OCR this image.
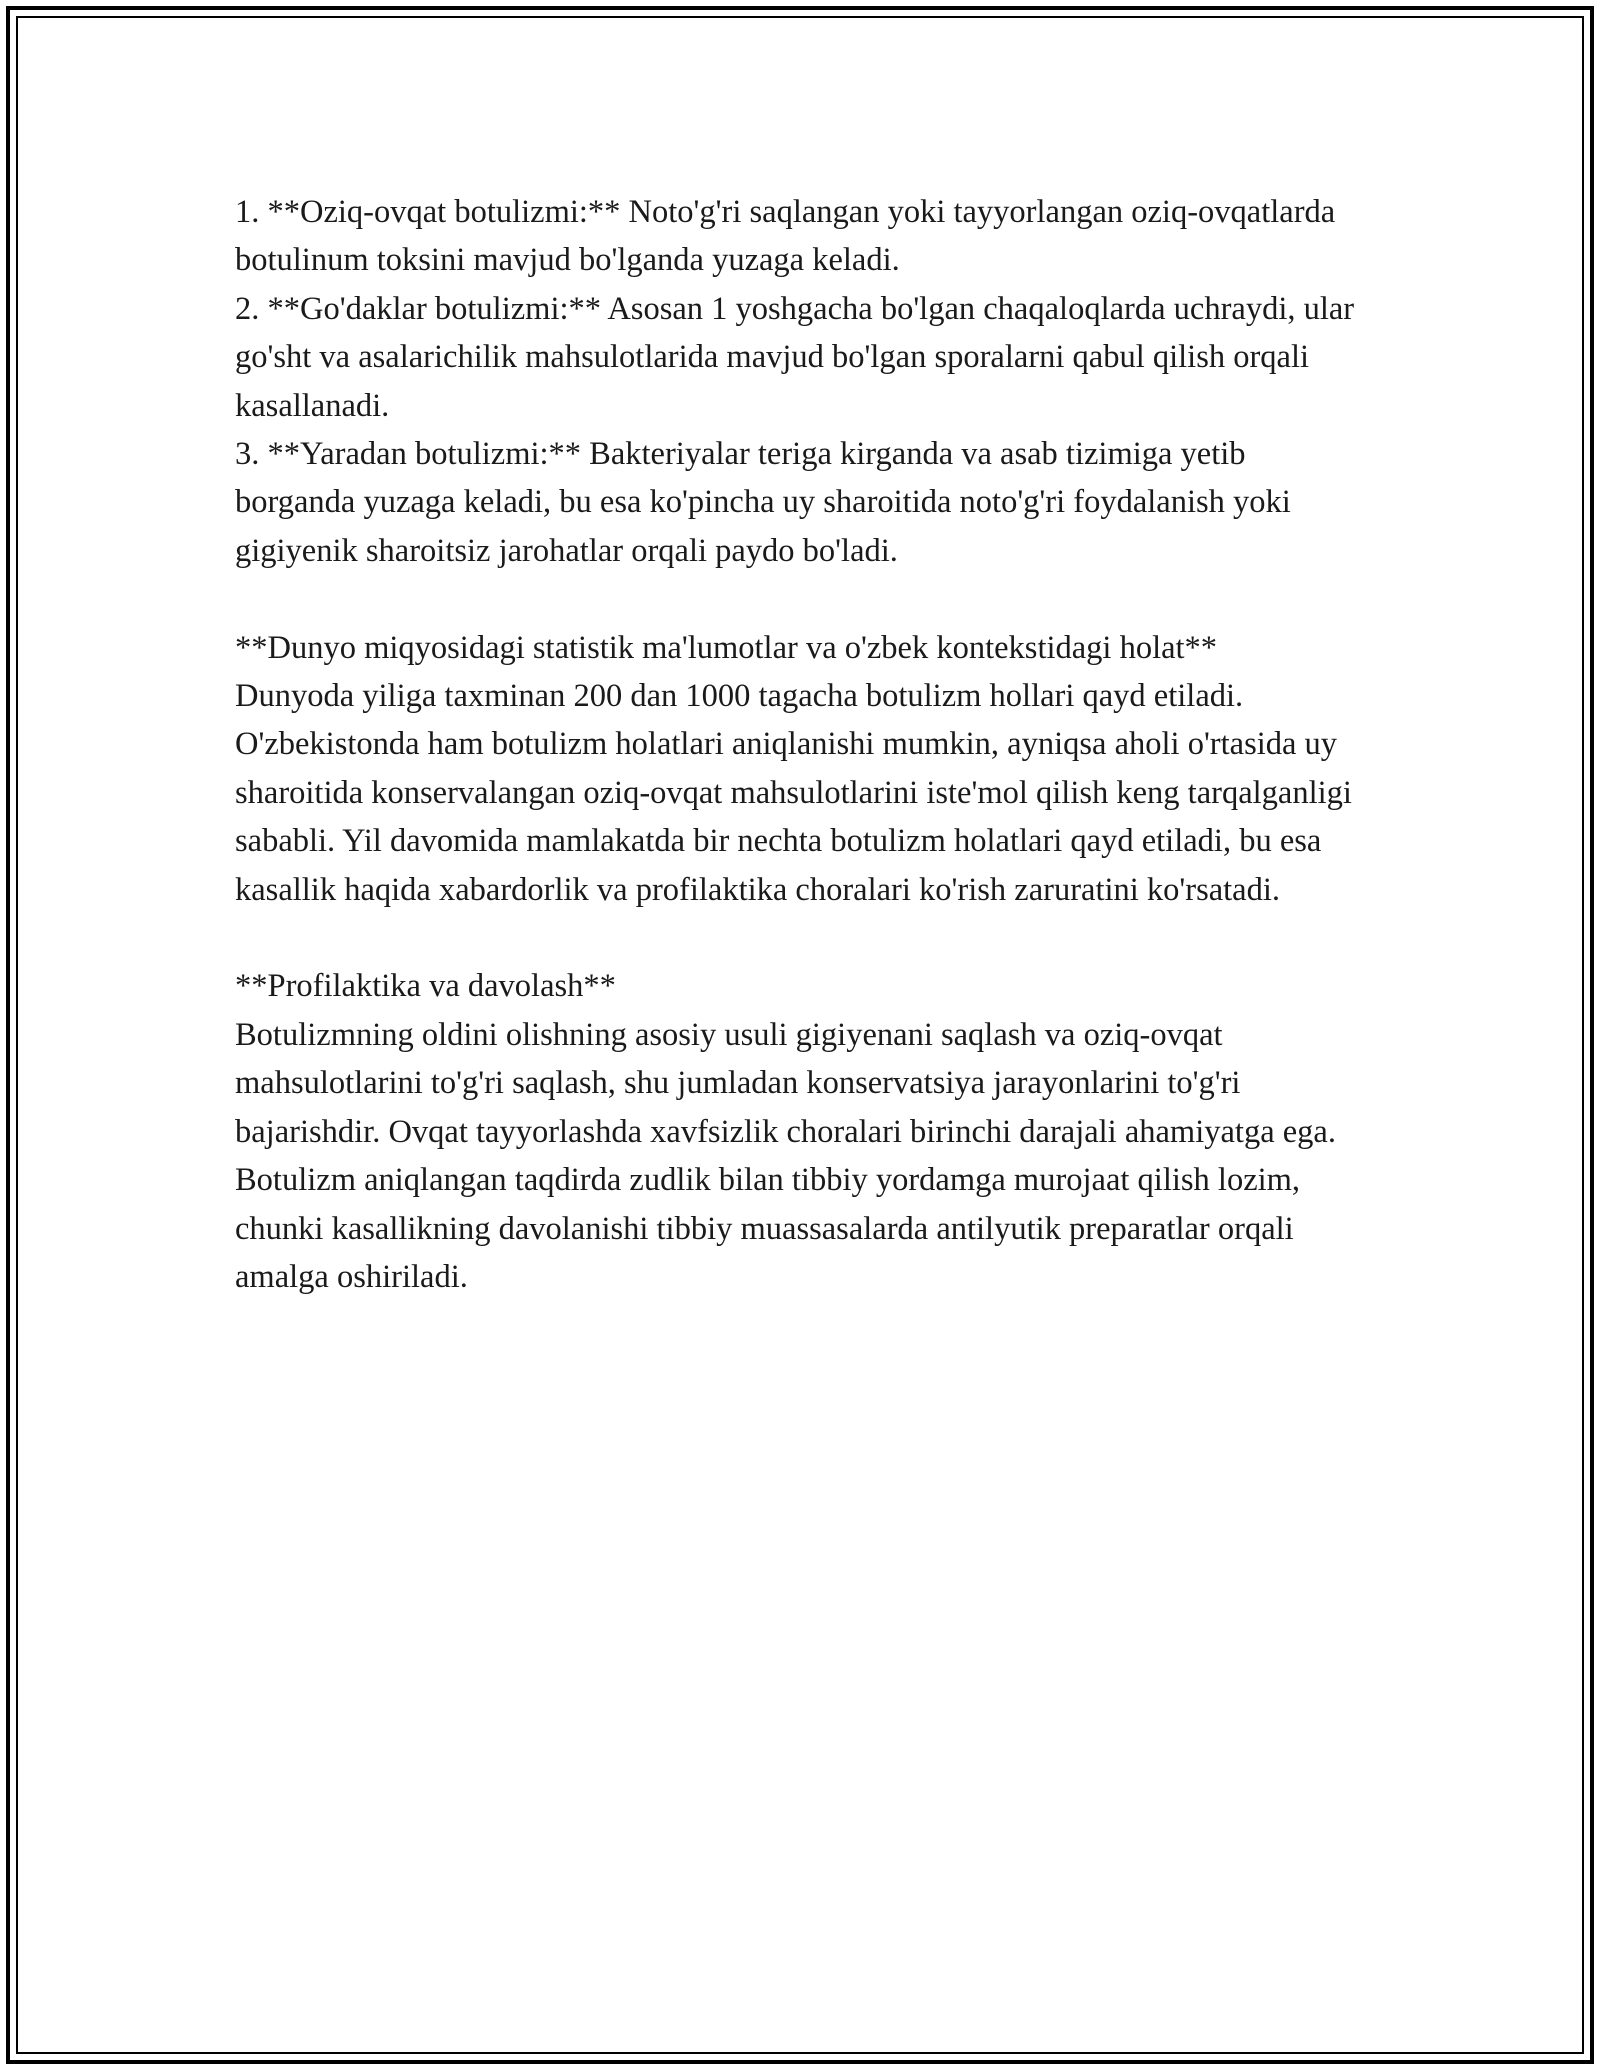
1. **Oziq-ovqat botulizmi:** Noto'g'ri saqlangan yoki tayyorlangan oziq-ovqatlarda botulinum toksini mavjud bo'lganda yuzaga keladi.

2. **Go'daklar botulizmi:** Asosan 1 yoshgacha bo'lgan chaqaloqlarda uchraydi, ular go'sht va asalarichilik mahsulotlarida mavjud bo'lgan sporalarni qabul qilish orqali kasallanadi.

3. **Yaradan botulizmi:** Bakteriyalar teriga kirganda va asab tizimiga yetib borganda yuzaga keladi, bu esa ko'pincha uy sharoitida noto'g'ri foydalanish yoki gigiyenik sharoitsiz jarohatlar orqali paydo bo'ladi.

**Dunyo miqyosidagi statistik ma'lumotlar va o'zbek kontekstidagi holat**

Dunyoda yiliga taxminan 200 dan 1000 tagacha botulizm hollari qayd etiladi. O'zbekistonda ham botulizm holatlari aniqlanishi mumkin, ayniqsa aholi o'rtasida uy sharoitida konservalangan oziq-ovqat mahsulotlarini iste'mol qilish keng tarqalganligi sababli. Yil davomida mamlakatda bir nechta botulizm holatlari qayd etiladi, bu esa kasallik haqida xabardorlik va profilaktika choralari ko'rish zaruratini ko'rsatadi.

**Profilaktika va davolash**

Botulizmning oldini olishning asosiy usuli gigiyenani saqlash va oziq-ovqat mahsulotlarini to'g'ri saqlash, shu jumladan konservatsiya jarayonlarini to'g'ri bajarishdir. Ovqat tayyorlashda xavfsizlik choralari birinchi darajali ahamiyatga ega. Botulizm aniqlangan taqdirda zudlik bilan tibbiy yordamga murojaat qilish lozim, chunki kasallikning davolanishi tibbiy muassasalarda antilyutik preparatlar orqali amalga oshiriladi.
